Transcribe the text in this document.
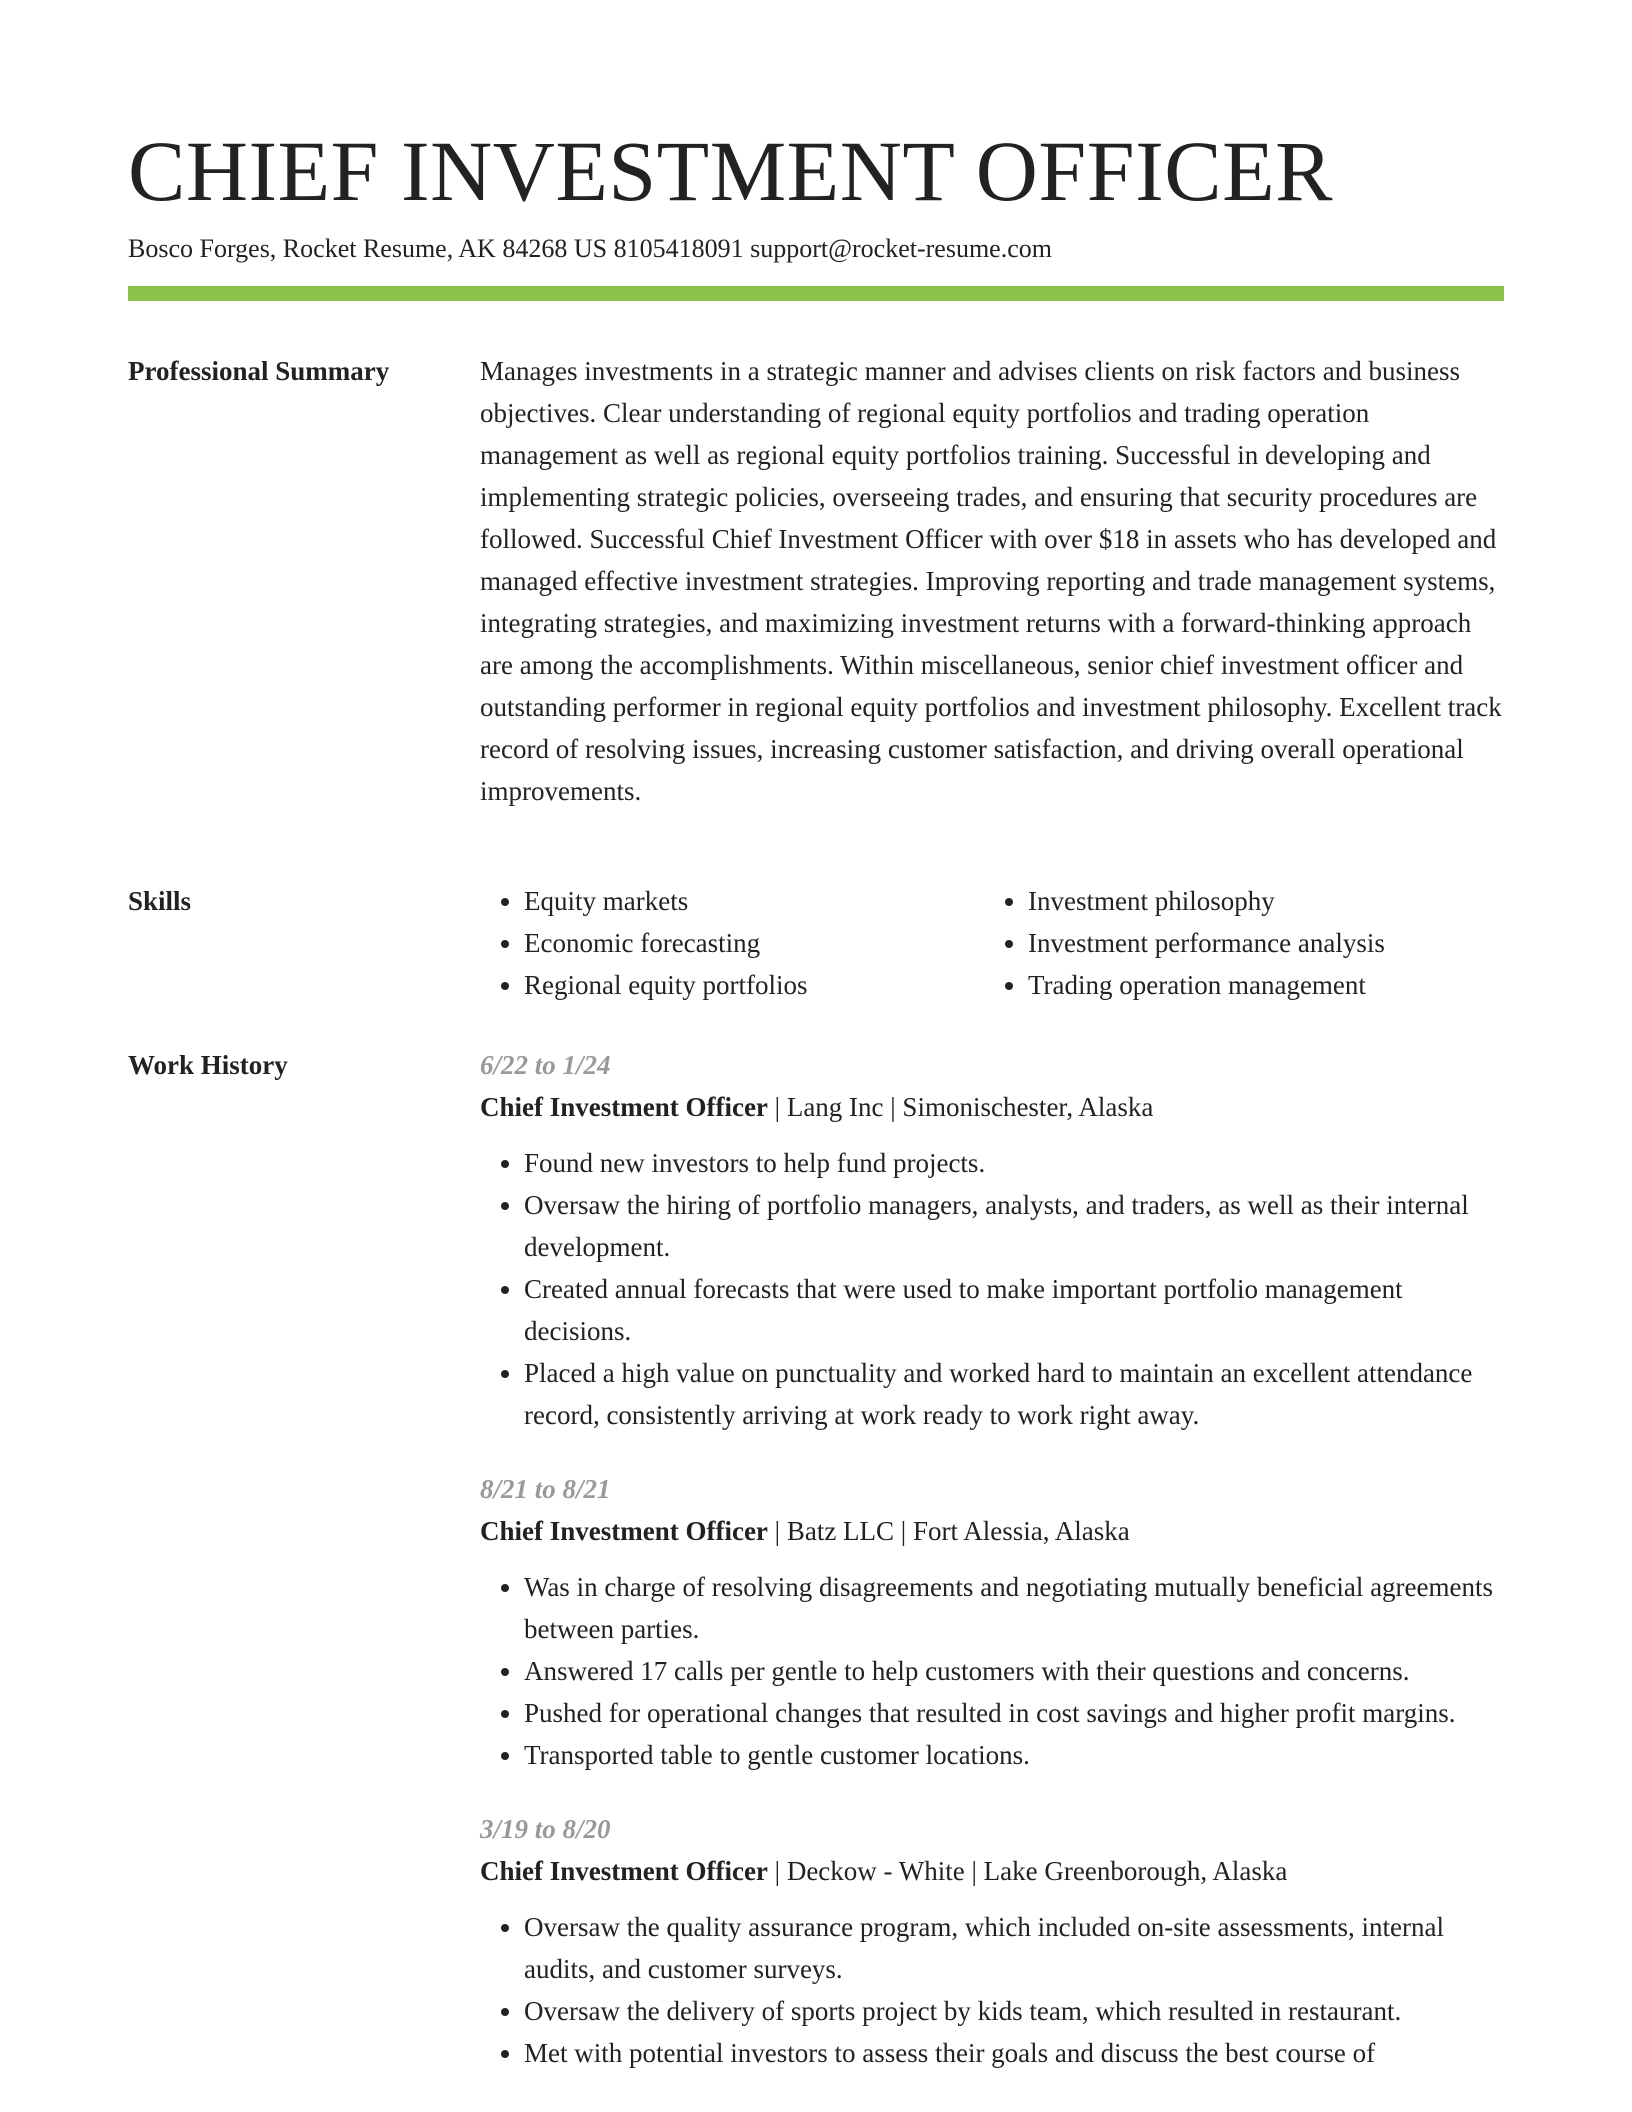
CHIEF INVESTMENT OFFICER
Bosco Forges, Rocket Resume, AK 84268 US 8105418091 support@rocket-resume.com
Professional Summary	Manages investments in a strategic manner and advises clients on risk factors and business objectives. Clear understanding of regional equity portfolios and trading operation management as well as regional equity portfolios training. Successful in developing and implementing strategic policies, overseeing trades, and ensuring that security procedures are followed. Successful Chief Investment Officer with over $18 in assets who has developed and managed effective investment strategies. Improving reporting and trade management systems, integrating strategies, and maximizing investment returns with a forward-thinking approach are among the accomplishments. Within miscellaneous, senior chief investment officer and outstanding performer in regional equity portfolios and investment philosophy. Excellent track record of resolving issues, increasing customer satisfaction, and driving overall operational improvements.

Skills
•	Equity markets
• Economic forecasting
• Regional equity portfolios
• Investment philosophy
• Investment performance analysis
• Trading operation management
Work History	6/22 to 1/24
Chief Investment Officer | Lang Inc | Simonischester, Alaska
• Found new investors to help fund projects.
• Oversaw the hiring of portfolio managers, analysts, and traders, as well as their internal development.
• Created annual forecasts that were used to make important portfolio management decisions.
• Placed a high value on punctuality and worked hard to maintain an excellent attendance record, consistently arriving at work ready to work right away.
8/21 to 8/21
Chief Investment Officer | Batz LLC | Fort Alessia, Alaska
• Was in charge of resolving disagreements and negotiating mutually beneficial agreements between parties.
• Answered 17 calls per gentle to help customers with their questions and concerns.
• Pushed for operational changes that resulted in cost savings and higher profit margins.
• Transported table to gentle customer locations.
3/19 to 8/20
Chief Investment Officer | Deckow - White | Lake Greenborough, Alaska
• Oversaw the quality assurance program, which included on-site assessments, internal audits, and customer surveys.
• Oversaw the delivery of sports project by kids team, which resulted in restaurant.
• Met with potential investors to assess their goals and discuss the best course of
